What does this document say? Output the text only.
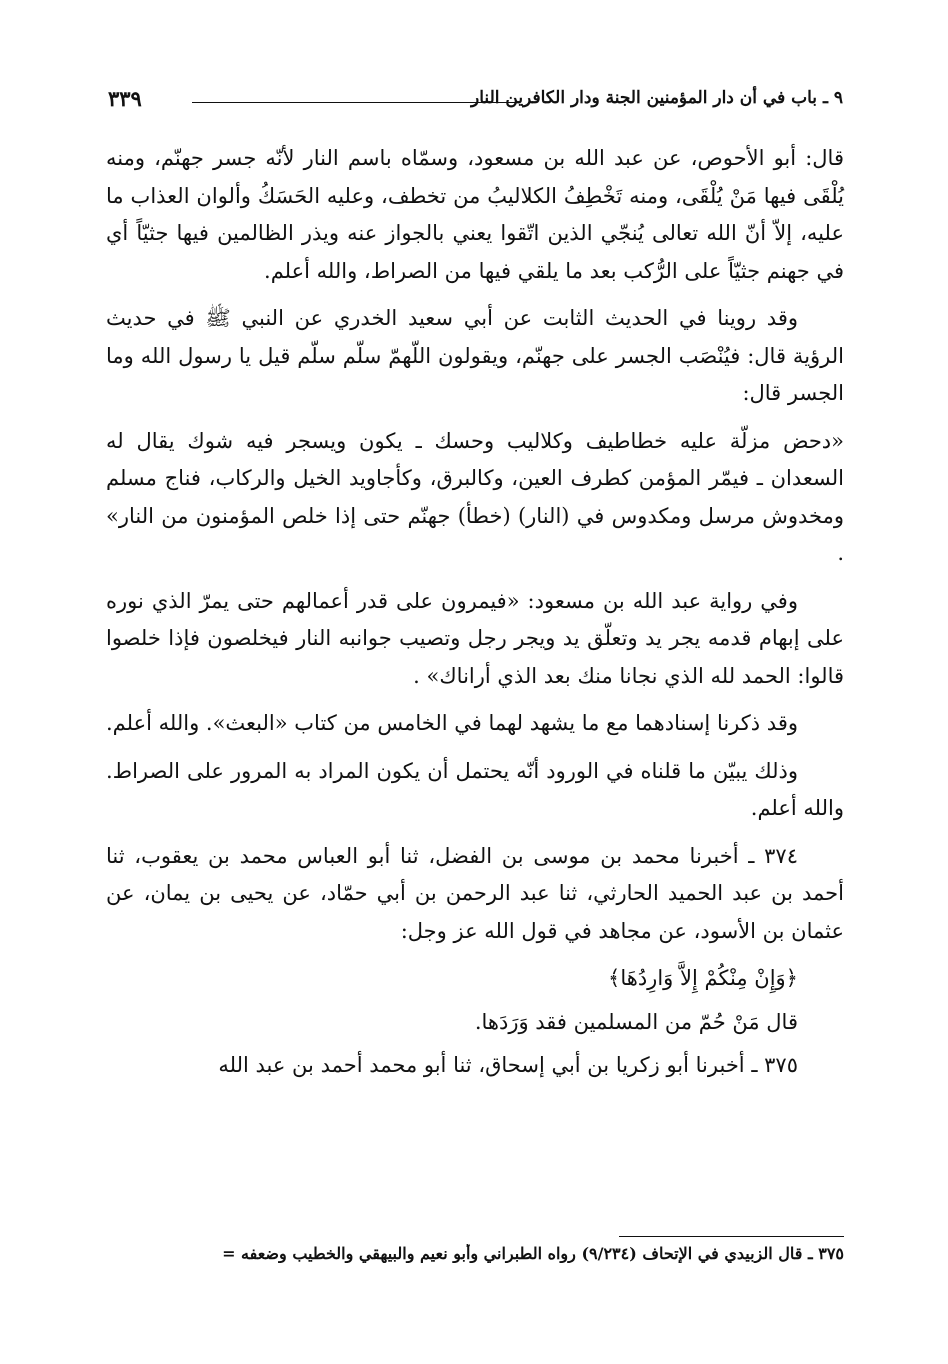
٩ ـ باب في أن دار المؤمنين الجنة ودار الكافرين النار
٣٣٩

قال: أبو الأحوص، عن عبد الله بن مسعود، وسمّاه باسم النار لأنّه جسر جهنّم، ومنه يُلْقَى فيها مَنْ يُلْقَى، ومنه تَخْطِفُ الكلاليبُ من تخطف، وعليه الحَسَكُ وألوان العذاب ما عليه، إلاّ أنّ الله تعالى يُنجّي الذين اتّقوا يعني بالجواز عنه ويذر الظالمين فيها جثيّاً أي في جهنم جثيّاً على الرُّكب بعد ما يلقي فيها من الصراط، والله أعلم.

وقد روينا في الحديث الثابت عن أبي سعيد الخدري عن النبي ﷺ في حديث الرؤية قال: فيُنْصَب الجسر على جهنّم، ويقولون اللّهمّ سلّم سلّم قيل يا رسول الله وما الجسر قال:

«دحض مزلّة عليه خطاطيف وكلاليب وحسك ـ يكون ويسجر فيه شوك يقال له السعدان ـ فيمّر المؤمن كطرف العين، وكالبرق، وكأجاويد الخيل والركاب، فناج مسلم ومخدوش مرسل ومكدوس في (النار) (خطأ) جهنّم حتى إذا خلص المؤمنون من النار» .

وفي رواية عبد الله بن مسعود: «فيمرون على قدر أعمالهم حتى يمرّ الذي نوره على إبهام قدمه يجر يد وتعلّق يد ويجر رجل وتصيب جوانبه النار فيخلصون فإذا خلصوا قالوا: الحمد لله الذي نجانا منك بعد الذي أراناك» .

وقد ذكرنا إسنادهما مع ما يشهد لهما في الخامس من كتاب «البعث». والله أعلم.

وذلك يبيّن ما قلناه في الورود أنّه يحتمل أن يكون المراد به المرور على الصراط. والله أعلم.

٣٧٤ ـ أخبرنا محمد بن موسى بن الفضل، ثنا أبو العباس محمد بن يعقوب، ثنا أحمد بن عبد الحميد الحارثي، ثنا عبد الرحمن بن أبي حمّاد، عن يحيى بن يمان، عن عثمان بن الأسود، عن مجاهد في قول الله عز وجل:

﴿وَإِنْ مِنْكُمْ إِلاَّ وَارِدُهَا﴾

قال مَنْ حُمّ من المسلمين فقد وَرَدَها.

٣٧٥ ـ أخبرنا أبو زكريا بن أبي إسحاق، ثنا أبو محمد أحمد بن عبد الله

٣٧٥ ـ قال الزبيدي في الإتحاف (٩/٢٣٤) رواه الطبراني وأبو نعيم والبيهقي والخطيب وضعفه =
